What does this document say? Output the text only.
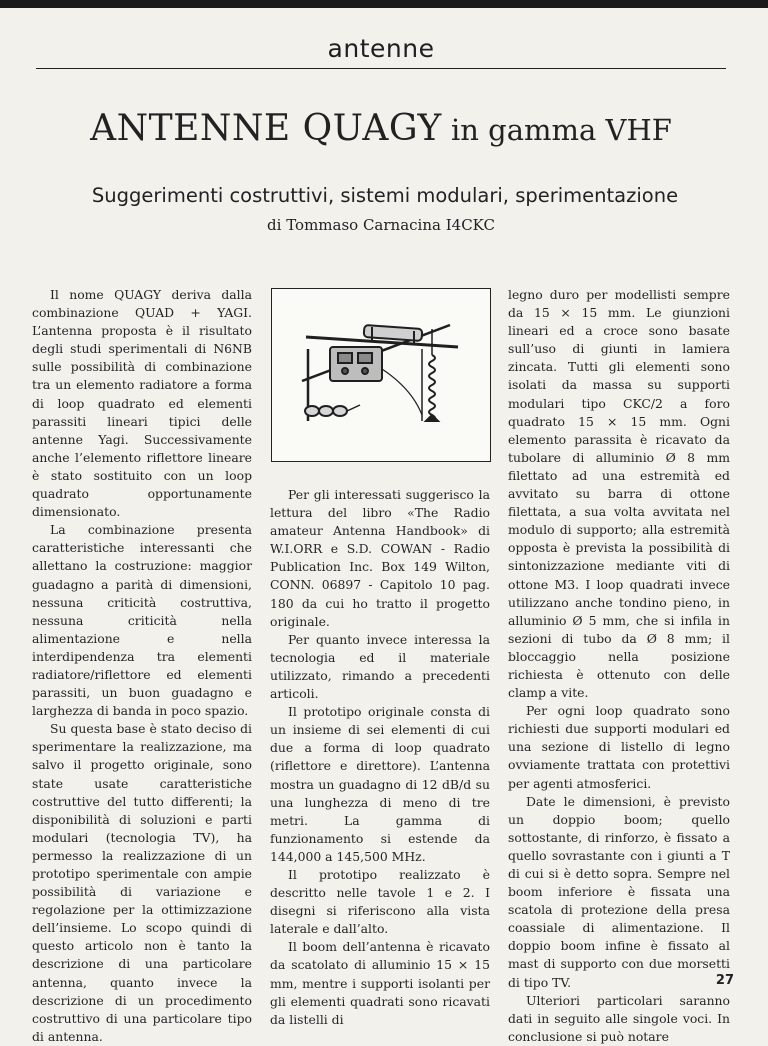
antenne
ANTENNE QUAGY in gamma VHF
Suggerimenti costruttivi, sistemi modulari, sperimentazione
di Tommaso Carnacina I4CKC

Il nome QUAGY deriva dalla combinazione QUAD + YAGI. L’antenna proposta è il risultato degli studi sperimentali di N6NB sulle possibilità di combinazione tra un elemento radiatore a forma di loop quadrato ed elementi parassiti lineari tipici delle antenne Yagi. Successivamente anche l’elemento riflettore lineare è stato sostituito con un loop quadrato opportunamente dimensionato.

La combinazione presenta caratteristiche interessanti che allettano la costruzione: maggior guadagno a parità di dimensioni, nessuna criticità costruttiva, nessuna criticità nella alimentazione e nella interdipendenza tra elementi radiatore/riflettore ed elementi parassiti, un buon guadagno e larghezza di banda in poco spazio.

Su questa base è stato deciso di sperimentare la realizzazione, ma salvo il progetto originale, sono state usate caratteristiche costruttive del tutto differenti; la disponibilità di soluzioni e parti modulari (tecnologia TV), ha permesso la realizzazione di un prototipo sperimentale con ampie possibilità di variazione e regolazione per la ottimizzazione dell’insieme. Lo scopo quindi di questo articolo non è tanto la descrizione di una particolare antenna, quanto invece la descrizione di un procedimento costruttivo di una particolare tipo di antenna.

Per gli interessati suggerisco la lettura del libro «The Radio amateur Antenna Handbook» di W.I.ORR e S.D. COWAN - Radio Publication Inc. Box 149 Wilton, CONN. 06897 - Capitolo 10 pag. 180 da cui ho tratto il progetto originale.

Per quanto invece interessa la tecnologia ed il materiale utilizzato, rimando a precedenti articoli.

Il prototipo originale consta di un insieme di sei elementi di cui due a forma di loop quadrato (riflettore e direttore). L’antenna mostra un guadagno di 12 dB/d su una lunghezza di meno di tre metri. La gamma di funzionamento si estende da 144,000 a 145,500 MHz.

Il prototipo realizzato è descritto nelle tavole 1 e 2. I disegni si riferiscono alla vista laterale e dall’alto.

Il boom dell’antenna è ricavato da scatolato di alluminio 15 × 15 mm, mentre i supporti isolanti per gli elementi quadrati sono ricavati da listelli di

legno duro per modellisti sempre da 15 × 15 mm. Le giunzioni lineari ed a croce sono basate sull’uso di giunti in lamiera zincata. Tutti gli elementi sono isolati da massa su supporti modulari tipo CKC/2 a foro quadrato 15 × 15 mm. Ogni elemento parassita è ricavato da tubolare di alluminio Ø 8 mm filettato ad una estremità ed avvitato su barra di ottone filettata, a sua volta avvitata nel modulo di supporto; alla estremità opposta è prevista la possibilità di sintonizzazione mediante viti di ottone M3. I loop quadrati invece utilizzano anche tondino pieno, in alluminio Ø 5 mm, che si infila in sezioni di tubo da Ø 8 mm; il bloccaggio nella posizione richiesta è ottenuto con delle clamp a vite.

Per ogni loop quadrato sono richiesti due supporti modulari ed una sezione di listello di legno ovviamente trattata con protettivi per agenti atmosferici.

Date le dimensioni, è previsto un doppio boom; quello sottostante, di rinforzo, è fissato a quello sovrastante con i giunti a T di cui si è detto sopra. Sempre nel boom inferiore è fissata una scatola di protezione della presa coassiale di alimentazione. Il doppio boom infine è fissato al mast di supporto con due morsetti di tipo TV.

Ulteriori particolari saranno dati in seguito alle singole voci. In conclusione si può notare

27
